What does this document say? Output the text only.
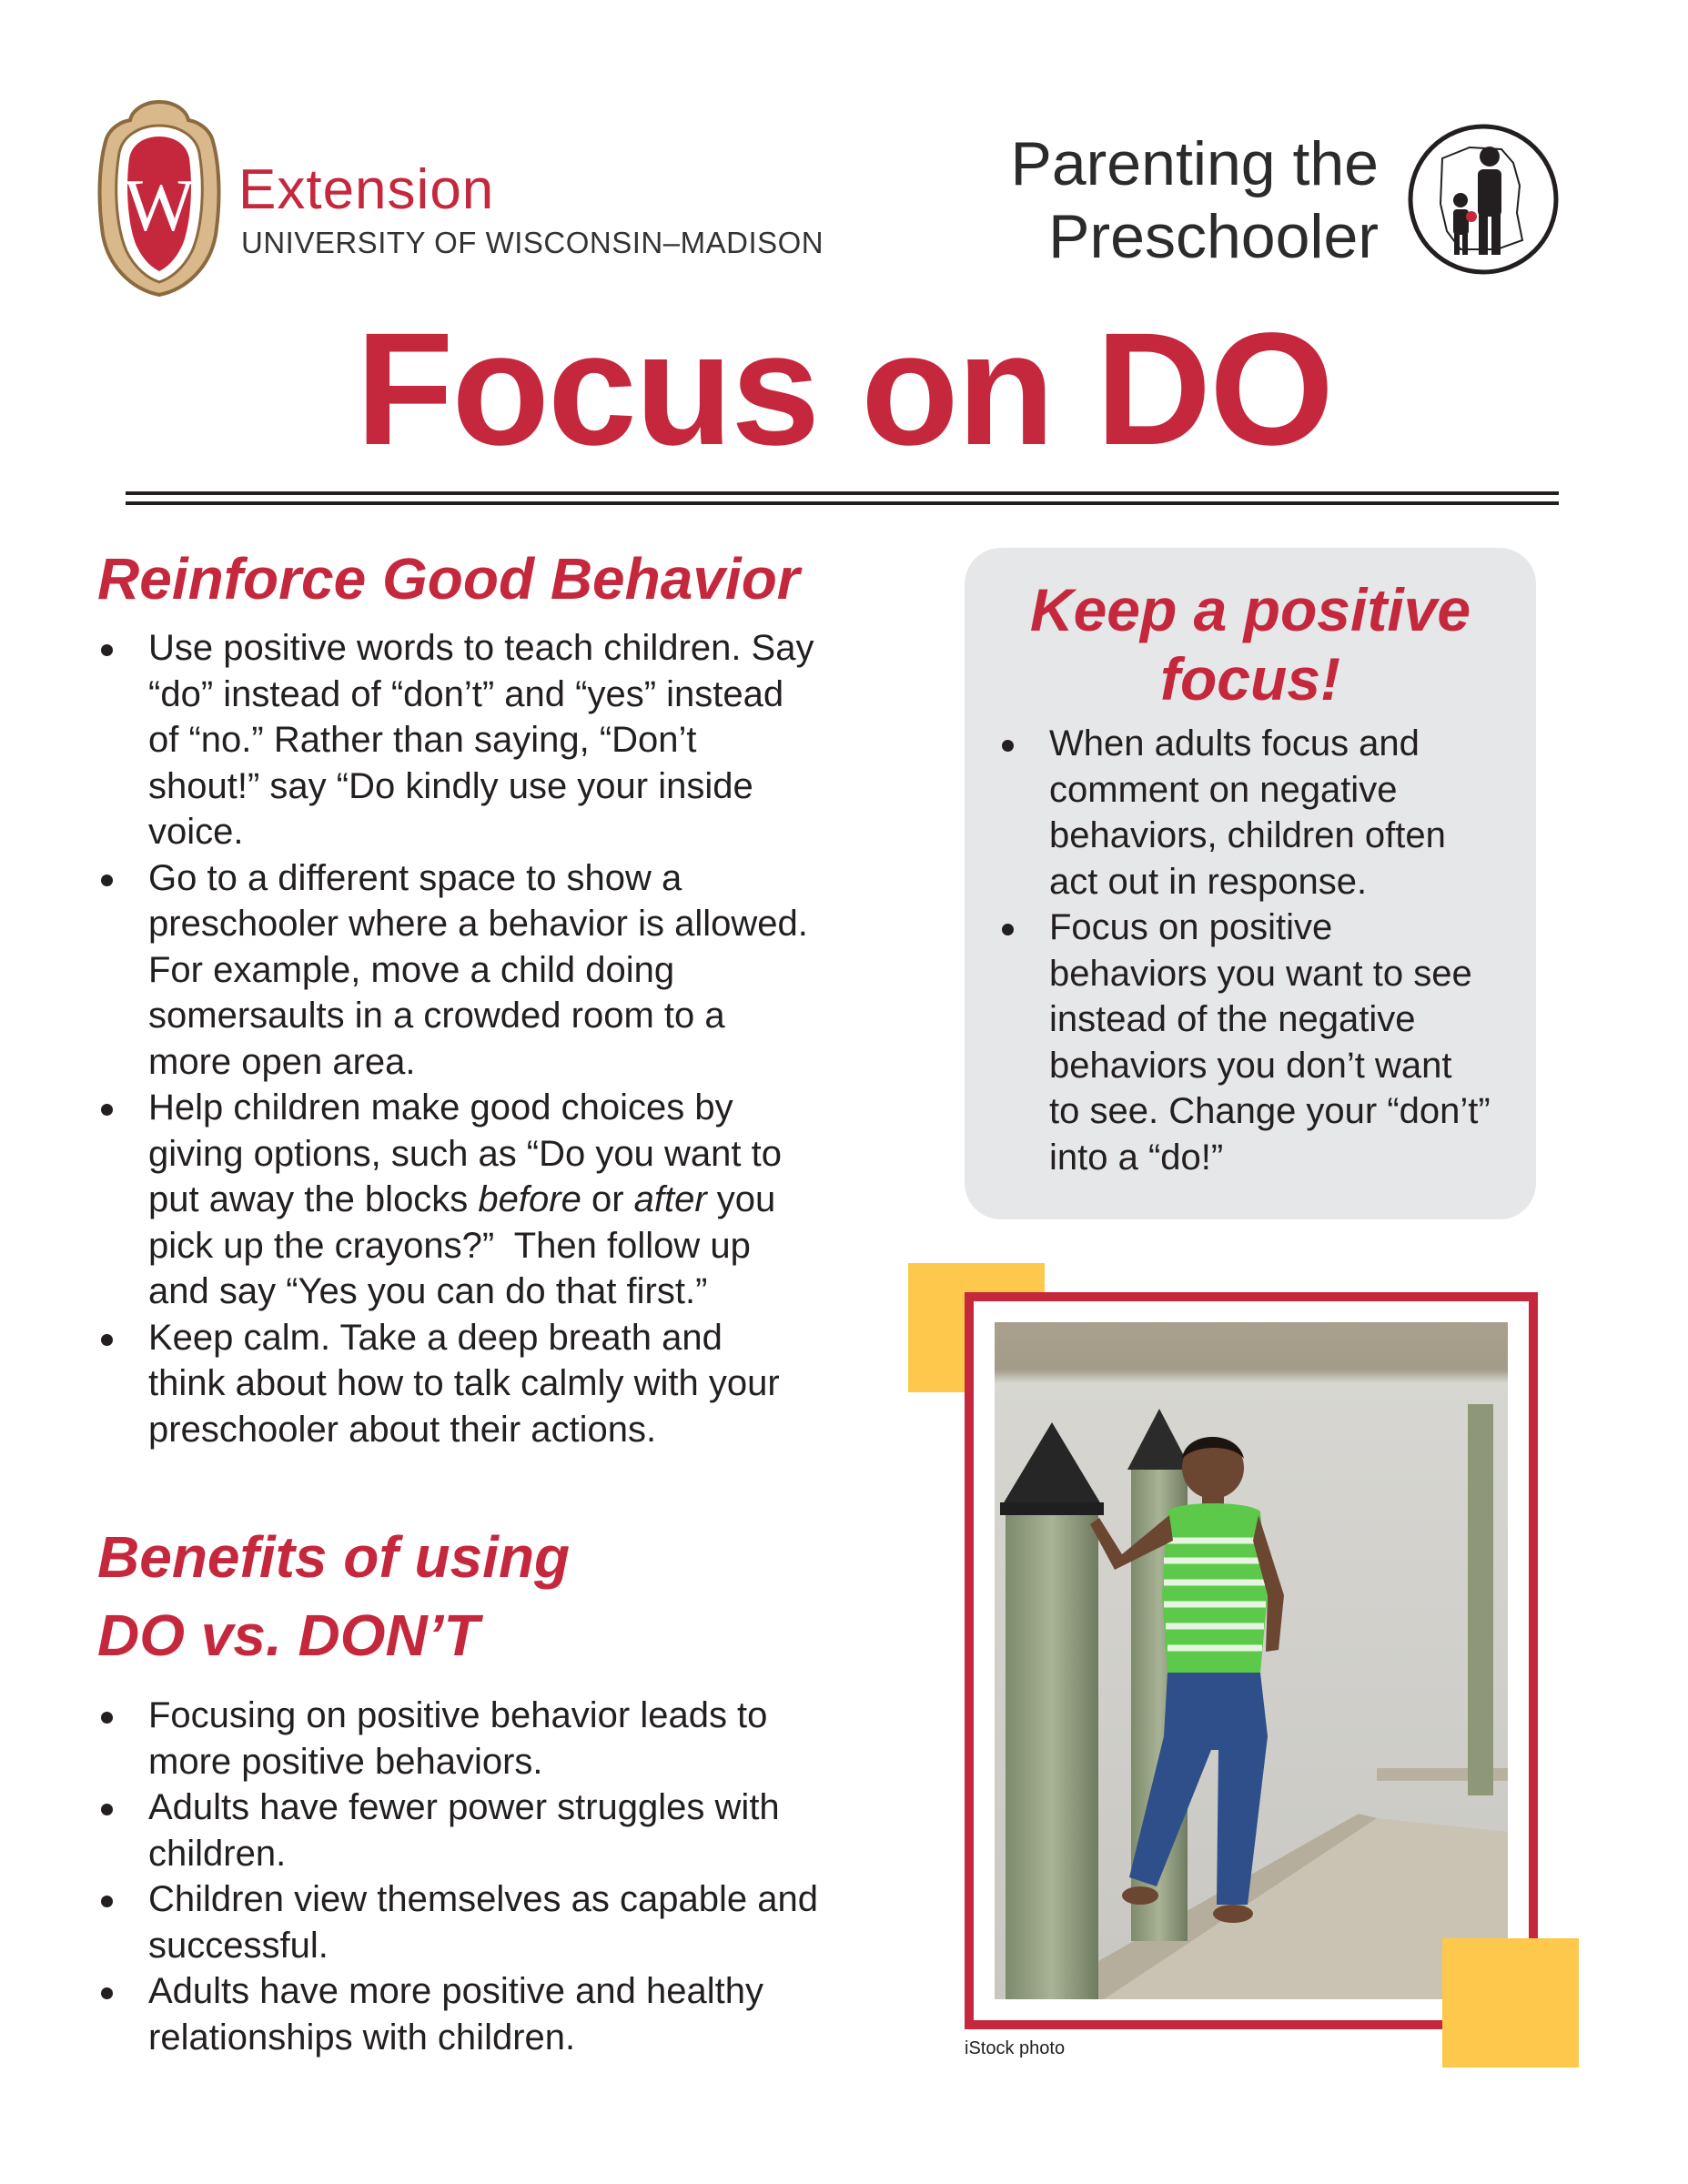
W Extension
UNIVERSITY OF WISCONSIN–MADISON
Parenting the
Preschooler
Focus on DO
Reinforce Good Behavior
Use positive words to teach children. Say
“do” instead of “don’t” and “yes” instead
of “no.” Rather than saying, “Don’t
shout!” say “Do kindly use your inside
voice.
Go to a different space to show a
preschooler where a behavior is allowed.
For example, move a child doing
somersaults in a crowded room to a
more open area.
Help children make good choices by
giving options, such as “Do you want to
put away the blocks before or after you
pick up the crayons?”  Then follow up
and say “Yes you can do that first.”
Keep calm. Take a deep breath and
think about how to talk calmly with your
preschooler about their actions.
Benefits of using
DO vs. DON’T
Focusing on positive behavior leads to
more positive behaviors.
Adults have fewer power struggles with
children.
Children view themselves as capable and
successful.
Adults have more positive and healthy
relationships with children.
Keep a positive
focus!
When adults focus and
comment on negative
behaviors, children often
act out in response.
Focus on positive
behaviors you want to see
instead of the negative
behaviors you don’t want
to see. Change your “don’t”
into a “do!”
iStock photo
